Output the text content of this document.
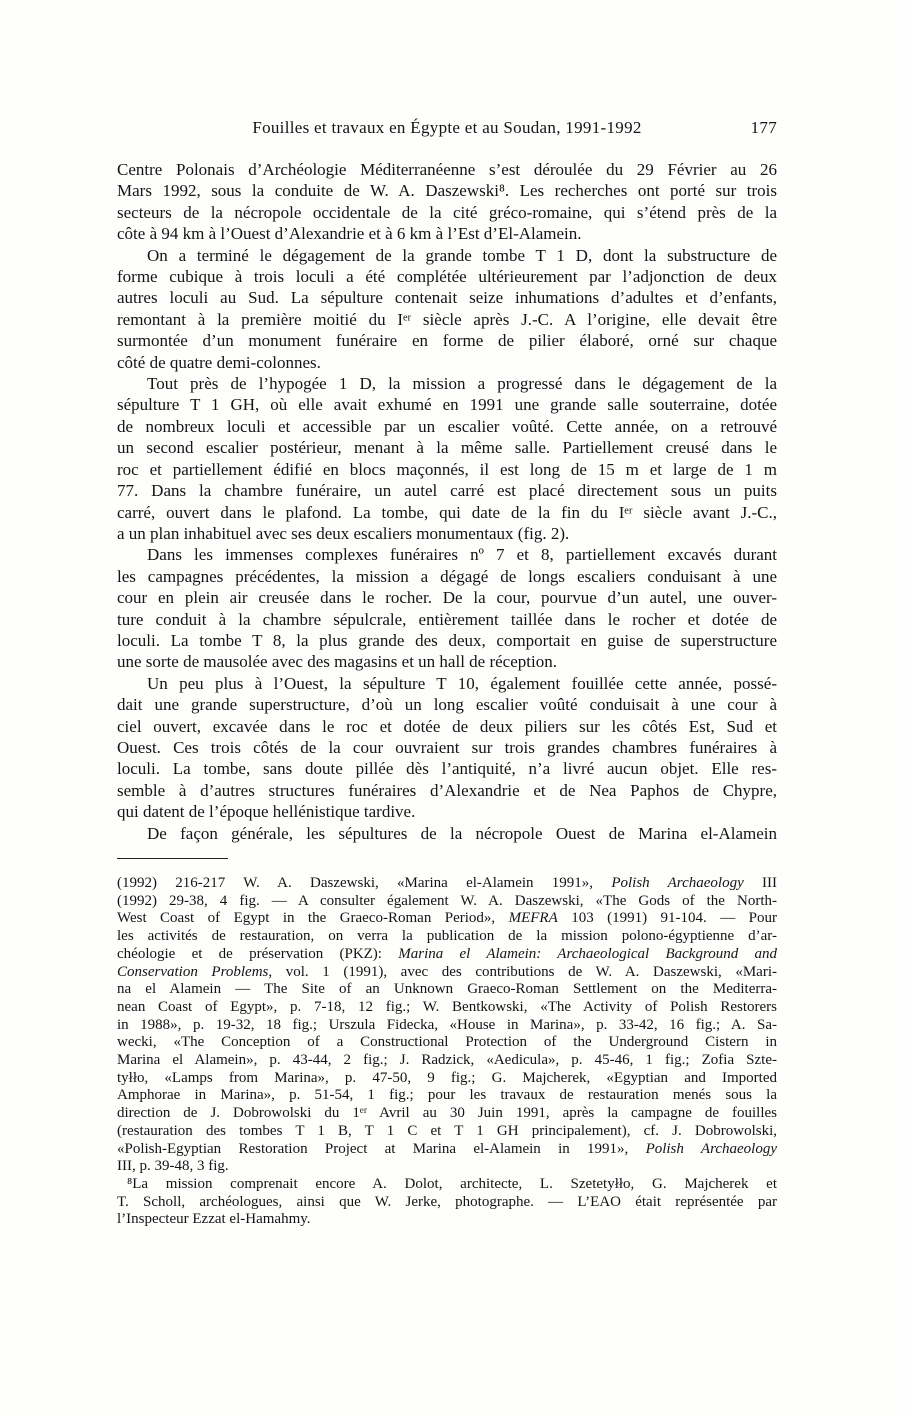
Fouilles et travaux en Égypte et au Soudan, 1991-1992	177
Centre Polonais d’Archéologie Méditerranéenne s’est déroulée du 29 Février au 26
Mars 1992, sous la conduite de W. A. Daszewski⁸. Les recherches ont porté sur trois
secteurs de la nécropole occidentale de la cité gréco-romaine, qui s’étend près de la
côte à 94 km à l’Ouest d’Alexandrie et à 6 km à l’Est d’El-Alamein.
On a terminé le dégagement de la grande tombe T 1 D, dont la substructure de
forme cubique à trois loculi a été complétée ultérieurement par l’adjonction de deux
autres loculi au Sud. La sépulture contenait seize inhumations d’adultes et d’enfants,
remontant à la première moitié du Iᵉʳ siècle après J.-C. A l’origine, elle devait être
surmontée d’un monument funéraire en forme de pilier élaboré, orné sur chaque
côté de quatre demi-colonnes.
Tout près de l’hypogée 1 D, la mission a progressé dans le dégagement de la
sépulture T 1 GH, où elle avait exhumé en 1991 une grande salle souterraine, dotée
de nombreux loculi et accessible par un escalier voûté. Cette année, on a retrouvé
un second escalier postérieur, menant à la même salle. Partiellement creusé dans le
roc et partiellement édifié en blocs maçonnés, il est long de 15 m et large de 1 m
77. Dans la chambre funéraire, un autel carré est placé directement sous un puits
carré, ouvert dans le plafond. La tombe, qui date de la fin du Iᵉʳ siècle avant J.-C.,
a un plan inhabituel avec ses deux escaliers monumentaux (fig. 2).
Dans les immenses complexes funéraires nº 7 et 8, partiellement excavés durant
les campagnes précédentes, la mission a dégagé de longs escaliers conduisant à une
cour en plein air creusée dans le rocher. De la cour, pourvue d’un autel, une ouver-
ture conduit à la chambre sépulcrale, entièrement taillée dans le rocher et dotée de
loculi. La tombe T 8, la plus grande des deux, comportait en guise de superstructure
une sorte de mausolée avec des magasins et un hall de réception.
Un peu plus à l’Ouest, la sépulture T 10, également fouillée cette année, possé-
dait une grande superstructure, d’où un long escalier voûté conduisait à une cour à
ciel ouvert, excavée dans le roc et dotée de deux piliers sur les côtés Est, Sud et
Ouest. Ces trois côtés de la cour ouvraient sur trois grandes chambres funéraires à
loculi. La tombe, sans doute pillée dès l’antiquité, n’a livré aucun objet. Elle res-
semble à d’autres structures funéraires d’Alexandrie et de Nea Paphos de Chypre,
qui datent de l’époque hellénistique tardive.
De façon générale, les sépultures de la nécropole Ouest de Marina el-Alamein
(1992) 216-217 W. A. Daszewski, «Marina el-Alamein 1991», Polish Archaeology III
(1992) 29-38, 4 fig. — A consulter également W. A. Daszewski, «The Gods of the North-
West Coast of Egypt in the Graeco-Roman Period», MEFRA 103 (1991) 91-104. — Pour
les activités de restauration, on verra la publication de la mission polono-égyptienne d’ar-
chéologie et de préservation (PKZ): Marina el Alamein: Archaeological Background and
Conservation Problems, vol. 1 (1991), avec des contributions de W. A. Daszewski, «Mari-
na el Alamein — The Site of an Unknown Graeco-Roman Settlement on the Mediterra-
nean Coast of Egypt», p. 7-18, 12 fig.; W. Bentkowski, «The Activity of Polish Restorers
in 1988», p. 19-32, 18 fig.; Urszula Fidecka, «House in Marina», p. 33-42, 16 fig.; A. Sa-
wecki, «The Conception of a Constructional Protection of the Underground Cistern in
Marina el Alamein», p. 43-44, 2 fig.; J. Radzick, «Aedicula», p. 45-46, 1 fig.; Zofia Szte-
tyłło, «Lamps from Marina», p. 47-50, 9 fig.; G. Majcherek, «Egyptian and Imported
Amphorae in Marina», p. 51-54, 1 fig.; pour les travaux de restauration menés sous la
direction de J. Dobrowolski du 1ᵉʳ Avril au 30 Juin 1991, après la campagne de fouilles
(restauration des tombes T 1 B, T 1 C et T 1 GH principalement), cf. J. Dobrowolski,
«Polish-Egyptian Restoration Project at Marina el-Alamein in 1991», Polish Archaeology
III, p. 39-48, 3 fig.
⁸La mission comprenait encore A. Dolot, architecte, L. Szetetyłło, G. Majcherek et
T. Scholl, archéologues, ainsi que W. Jerke, photographe. — L’EAO était représentée par
l’Inspecteur Ezzat el-Hamahmy.
